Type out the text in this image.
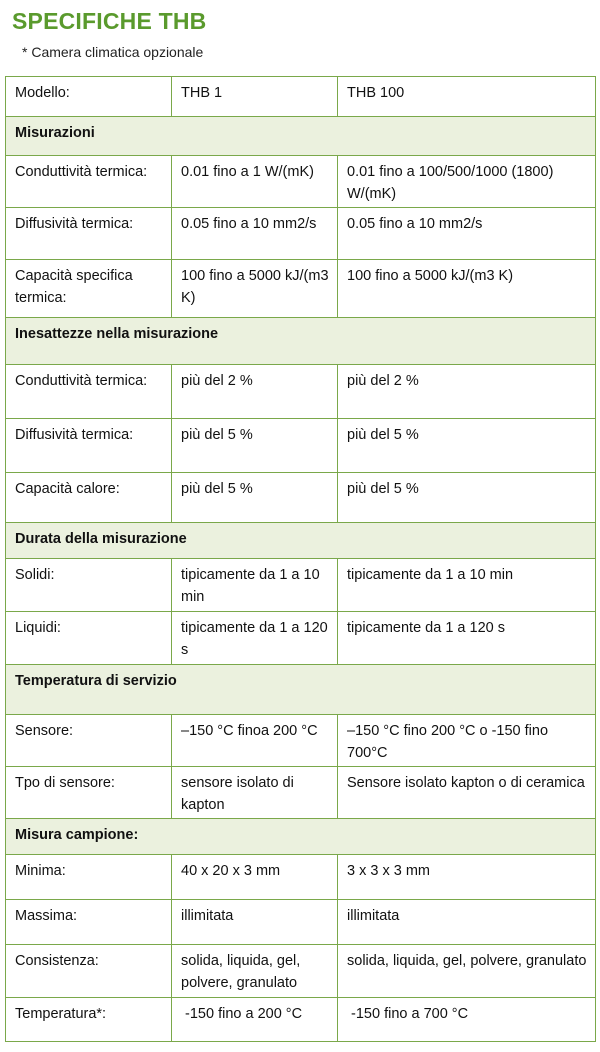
SPECIFICHE THB
* Camera climatica opzionale
Modello:	THB 1	THB 100
Misurazioni		
Conduttività termica:	0.01 fino a 1 W/(mK)	0.01 fino a 100/500/1000 (1800) W/(mK)
Diffusività termica:	0.05 fino a 10 mm2/s	0.05 fino a 10 mm2/s
Capacità specifica termica:	100 fino a 5000 kJ/(m3 K)	100 fino a 5000 kJ/(m3 K)
Inesattezze nella misurazione		
Conduttività termica:	più del 2 %	più del 2 %
Diffusività termica:	più del 5 %	più del 5 %
Capacità calore:	più del 5 %	più del 5 %
Durata della misurazione		
Solidi:	tipicamente da 1 a 10 min	tipicamente da 1 a 10 min
Liquidi:	tipicamente da 1 a 120 s	tipicamente da 1 a 120 s
Temperatura di servizio		
Sensore:	–150 °C finoa 200 °C	–150 °C fino 200 °C o -150 fino 700°C
Tpo di sensore:	sensore isolato di kapton	Sensore isolato kapton o di ceramica
Misura campione:		
Minima:	40 x 20 x 3 mm	3 x 3 x 3 mm
Massima:	illimitata	illimitata
Consistenza:	solida, liquida, gel, polvere, granulato	solida, liquida, gel, polvere, granulato
Temperatura*:	-150 fino a 200 °C	-150 fino a 700 °C
